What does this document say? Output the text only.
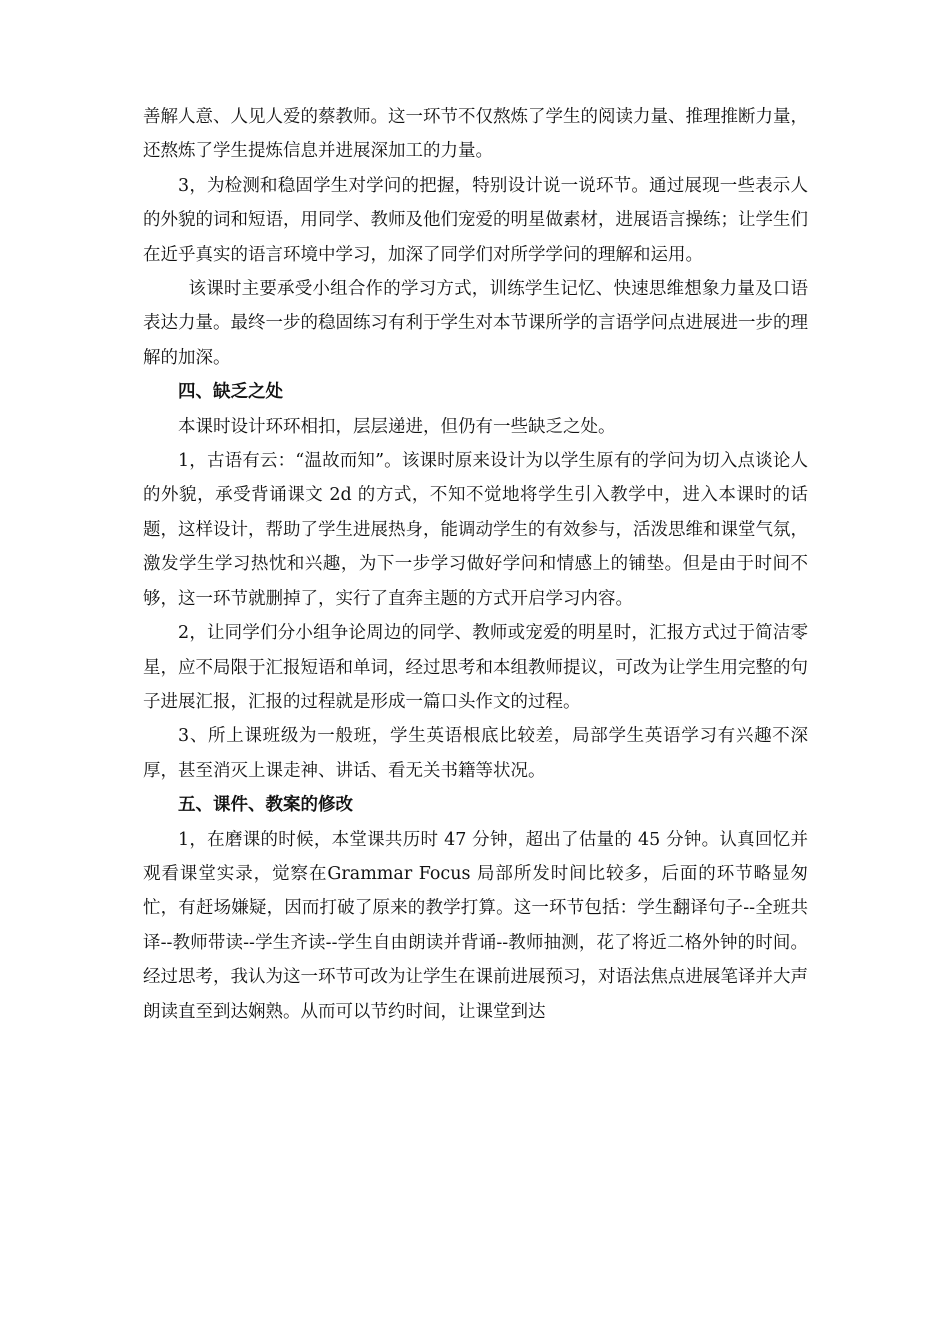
善解人意、人见人爱的蔡教师。这一环节不仅熬炼了学生的阅读力量、推理推断力量，还熬炼了学生提炼信息并进展深加工的力量。

3，为检测和稳固学生对学问的把握，特别设计说一说环节。通过展现一些表示人的外貌的词和短语，用同学、教师及他们宠爱的明星做素材，进展语言操练；让学生们在近乎真实的语言环境中学习，加深了同学们对所学学问的理解和运用。

该课时主要承受小组合作的学习方式，训练学生记忆、快速思维想象力量及口语表达力量。最终一步的稳固练习有利于学生对本节课所学的言语学问点进展进一步的理解的加深。

四、缺乏之处

本课时设计环环相扣，层层递进，但仍有一些缺乏之处。

1，古语有云：“温故而知”。该课时原来设计为以学生原有的学问为切入点谈论人的外貌，承受背诵课文 2d 的方式，不知不觉地将学生引入教学中，进入本课时的话题，这样设计，帮助了学生进展热身，能调动学生的有效参与，活泼思维和课堂气氛，激发学生学习热忱和兴趣，为下一步学习做好学问和情感上的铺垫。但是由于时间不够，这一环节就删掉了，实行了直奔主题的方式开启学习内容。

2，让同学们分小组争论周边的同学、教师或宠爱的明星时，汇报方式过于简洁零星，应不局限于汇报短语和单词，经过思考和本组教师提议，可改为让学生用完整的句子进展汇报，汇报的过程就是形成一篇口头作文的过程。

3、所上课班级为一般班，学生英语根底比较差，局部学生英语学习有兴趣不深厚，甚至消灭上课走神、讲话、看无关书籍等状况。

五、课件、教案的修改

1，在磨课的时候，本堂课共历时 47 分钟，超出了估量的 45 分钟。认真回忆并观看课堂实录，觉察在Grammar Focus 局部所发时间比较多，后面的环节略显匆忙，有赶场嫌疑，因而打破了原来的教学打算。这一环节包括：学生翻译句子--全班共译--教师带读--学生齐读--学生自由朗读并背诵--教师抽测，花了将近二格外钟的时间。经过思考，我认为这一环节可改为让学生在课前进展预习，对语法焦点进展笔译并大声朗读直至到达娴熟。从而可以节约时间，让课堂到达
